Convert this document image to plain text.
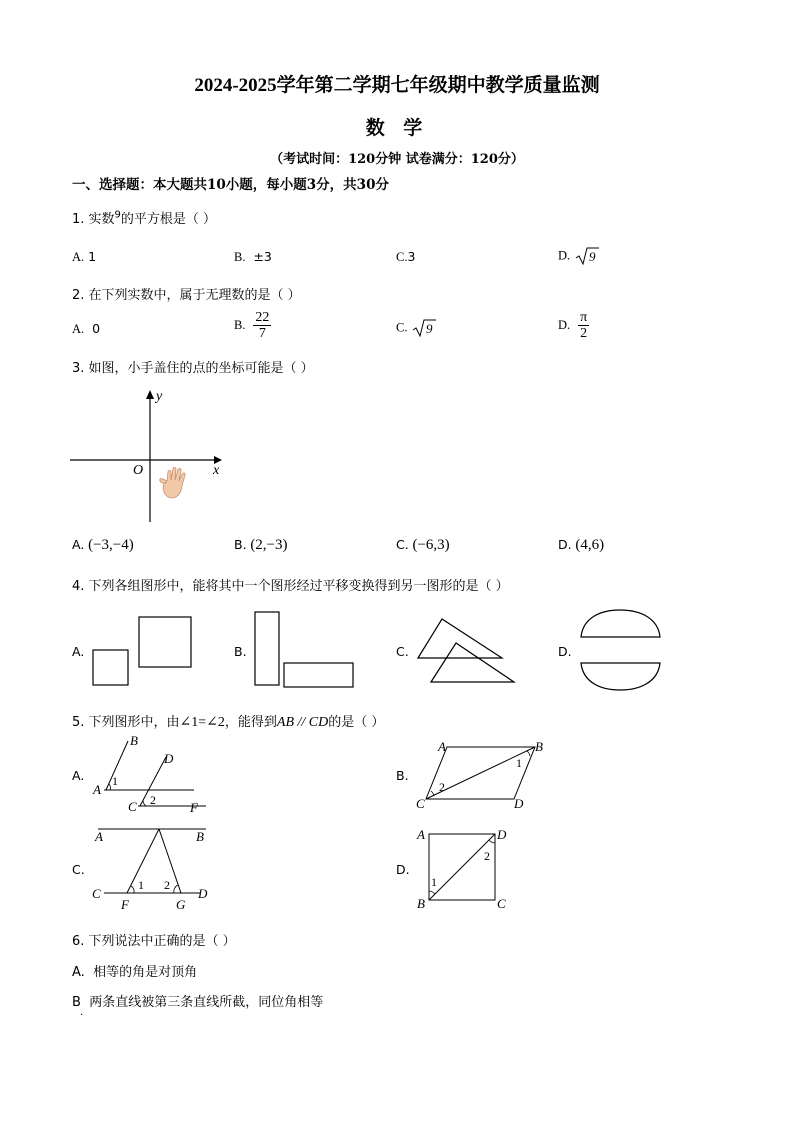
2024-2025学年第二学期七年级期中教学质量监测
数 学
（考试时间：120分钟 试卷满分：120分）
一、选择题：本大题共10小题，每小题3分，共30分
1. 实数$^9$的平方根是（ ）
A. 1	B. ±3	C.3	D. 9
2. 在下列实数中，属于无理数的是（ ）
A. 0	B. $\frac{22}{7}$	C. 9	D. $\frac{\pi}{2}$
3. 如图，小手盖住的点的坐标可能是（ ）
y
x
O
A. (−3,−4)	B. (2,−3)	C. (−6,3)	D. (4,6)
4. 下列各组图形中，能将其中一个图形经过平移变换得到另一图形的是（ ）
A.	B.	C.	D.
5. 下列图形中，由∠1=∠2，能得到AB // CD的是（ ）
A.
B
D
A
1
C 2	F
B.
A	B
1
2
C	D
C.
A	B
C
1 2
D
F	G
D.
A	D
2
1
B	C
6. 下列说法中正确的是（ ）
A. 相等的角是对顶角
B 两条直线被第三条直线所截，同位角相等
.
